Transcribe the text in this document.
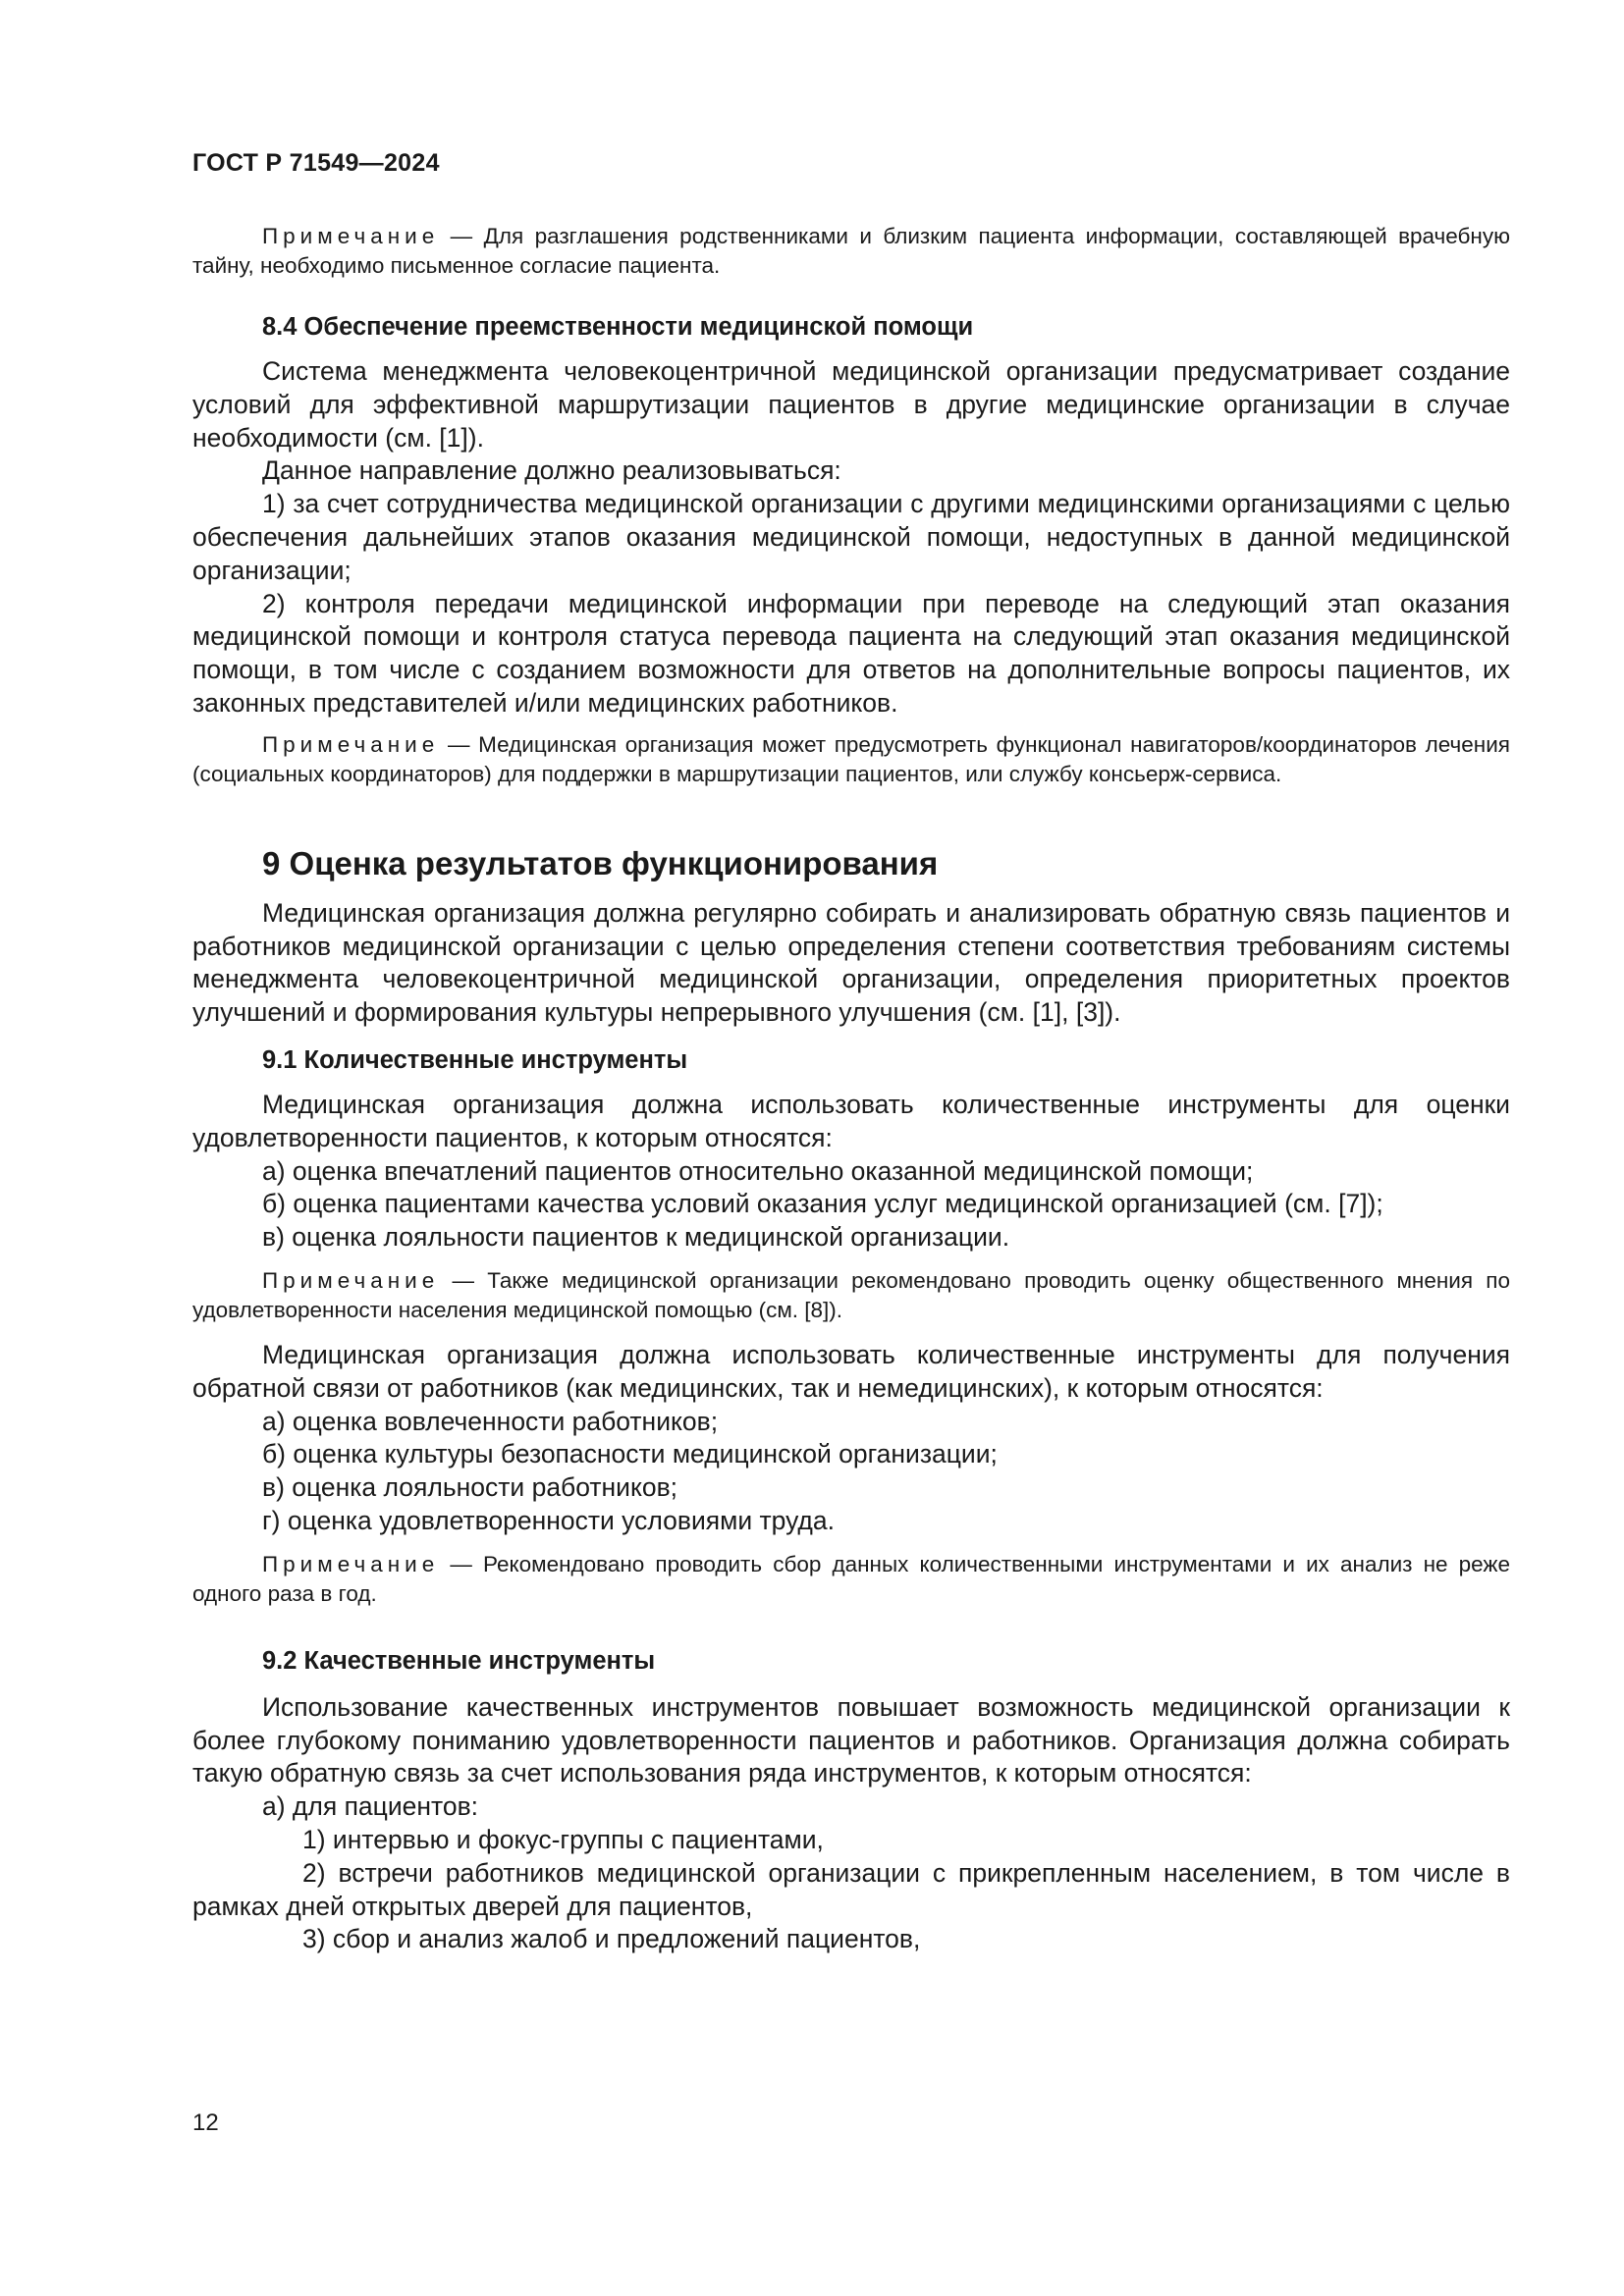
ГОСТ Р 71549—2024

Примечание — Для разглашения родственниками и близким пациента информации, составляющей врачебную тайну, необходимо письменное согласие пациента.

8.4 Обеспечение преемственности медицинской помощи

Система менеджмента человекоцентричной медицинской организации предусматривает создание условий для эффективной маршрутизации пациентов в другие медицинские организации в случае необходимости (см. [1]).

Данное направление должно реализовываться:

1) за счет сотрудничества медицинской организации с другими медицинскими организациями с целью обеспечения дальнейших этапов оказания медицинской помощи, недоступных в данной медицинской организации;

2) контроля передачи медицинской информации при переводе на следующий этап оказания медицинской помощи и контроля статуса перевода пациента на следующий этап оказания медицинской помощи, в том числе с созданием возможности для ответов на дополнительные вопросы пациентов, их законных представителей и/или медицинских работников.

Примечание — Медицинская организация может предусмотреть функционал навигаторов/координаторов лечения (социальных координаторов) для поддержки в маршрутизации пациентов, или службу консьерж-сервиса.

9 Оценка результатов функционирования

Медицинская организация должна регулярно собирать и анализировать обратную связь пациентов и работников медицинской организации с целью определения степени соответствия требованиям системы менеджмента человекоцентричной медицинской организации, определения приоритетных проектов улучшений и формирования культуры непрерывного улучшения (см. [1], [3]).

9.1 Количественные инструменты

Медицинская организация должна использовать количественные инструменты для оценки удовлетворенности пациентов, к которым относятся:

а) оценка впечатлений пациентов относительно оказанной медицинской помощи;

б) оценка пациентами качества условий оказания услуг медицинской организацией (см. [7]);

в) оценка лояльности пациентов к медицинской организации.

Примечание — Также медицинской организации рекомендовано проводить оценку общественного мнения по удовлетворенности населения медицинской помощью (см. [8]).

Медицинская организация должна использовать количественные инструменты для получения обратной связи от работников (как медицинских, так и немедицинских), к которым относятся:

а) оценка вовлеченности работников;

б) оценка культуры безопасности медицинской организации;

в) оценка лояльности работников;

г) оценка удовлетворенности условиями труда.

Примечание — Рекомендовано проводить сбор данных количественными инструментами и их анализ не реже одного раза в год.

9.2 Качественные инструменты

Использование качественных инструментов повышает возможность медицинской организации к более глубокому пониманию удовлетворенности пациентов и работников. Организация должна собирать такую обратную связь за счет использования ряда инструментов, к которым относятся:

а) для пациентов:

1) интервью и фокус-группы с пациентами,

2) встречи работников медицинской организации с прикрепленным населением, в том числе в рамках дней открытых дверей для пациентов,

3) сбор и анализ жалоб и предложений пациентов,

12
